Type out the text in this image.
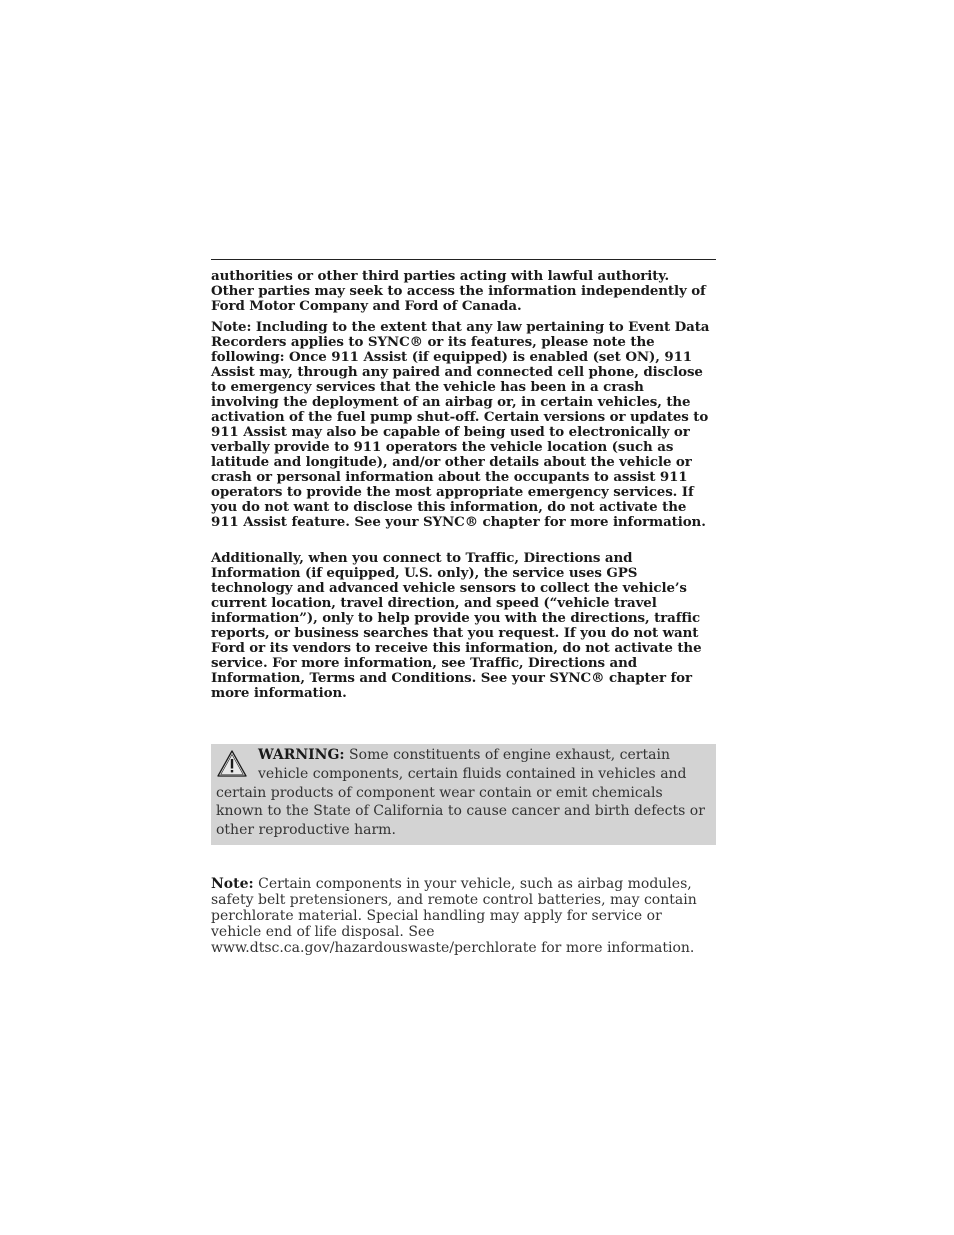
authorities or other third parties acting with lawful authority. Other parties may seek to access the information independently of Ford Motor Company and Ford of Canada.

Note: Including to the extent that any law pertaining to Event Data Recorders applies to SYNC® or its features, please note the following: Once 911 Assist (if equipped) is enabled (set ON), 911 Assist may, through any paired and connected cell phone, disclose to emergency services that the vehicle has been in a crash involving the deployment of an airbag or, in certain vehicles, the activation of the fuel pump shut-off. Certain versions or updates to 911 Assist may also be capable of being used to electronically or verbally provide to 911 operators the vehicle location (such as latitude and longitude), and/or other details about the vehicle or crash or personal information about the occupants to assist 911 operators to provide the most appropriate emergency services. If you do not want to disclose this information, do not activate the 911 Assist feature. See your SYNC® chapter for more information.

Additionally, when you connect to Traffic, Directions and Information (if equipped, U.S. only), the service uses GPS technology and advanced vehicle sensors to collect the vehicle’s current location, travel direction, and speed (“vehicle travel information”), only to help provide you with the directions, traffic reports, or business searches that you request. If you do not want Ford or its vendors to receive this information, do not activate the service. For more information, see Traffic, Directions and Information, Terms and Conditions. See your SYNC® chapter for more information.

WARNING: Some constituents of engine exhaust, certain vehicle components, certain fluids contained in vehicles and certain products of component wear contain or emit chemicals known to the State of California to cause cancer and birth defects or other reproductive harm.

Note: Certain components in your vehicle, such as airbag modules, safety belt pretensioners, and remote control batteries, may contain perchlorate material. Special handling may apply for service or vehicle end of life disposal. See www.dtsc.ca.gov/hazardouswaste/perchlorate for more information.
